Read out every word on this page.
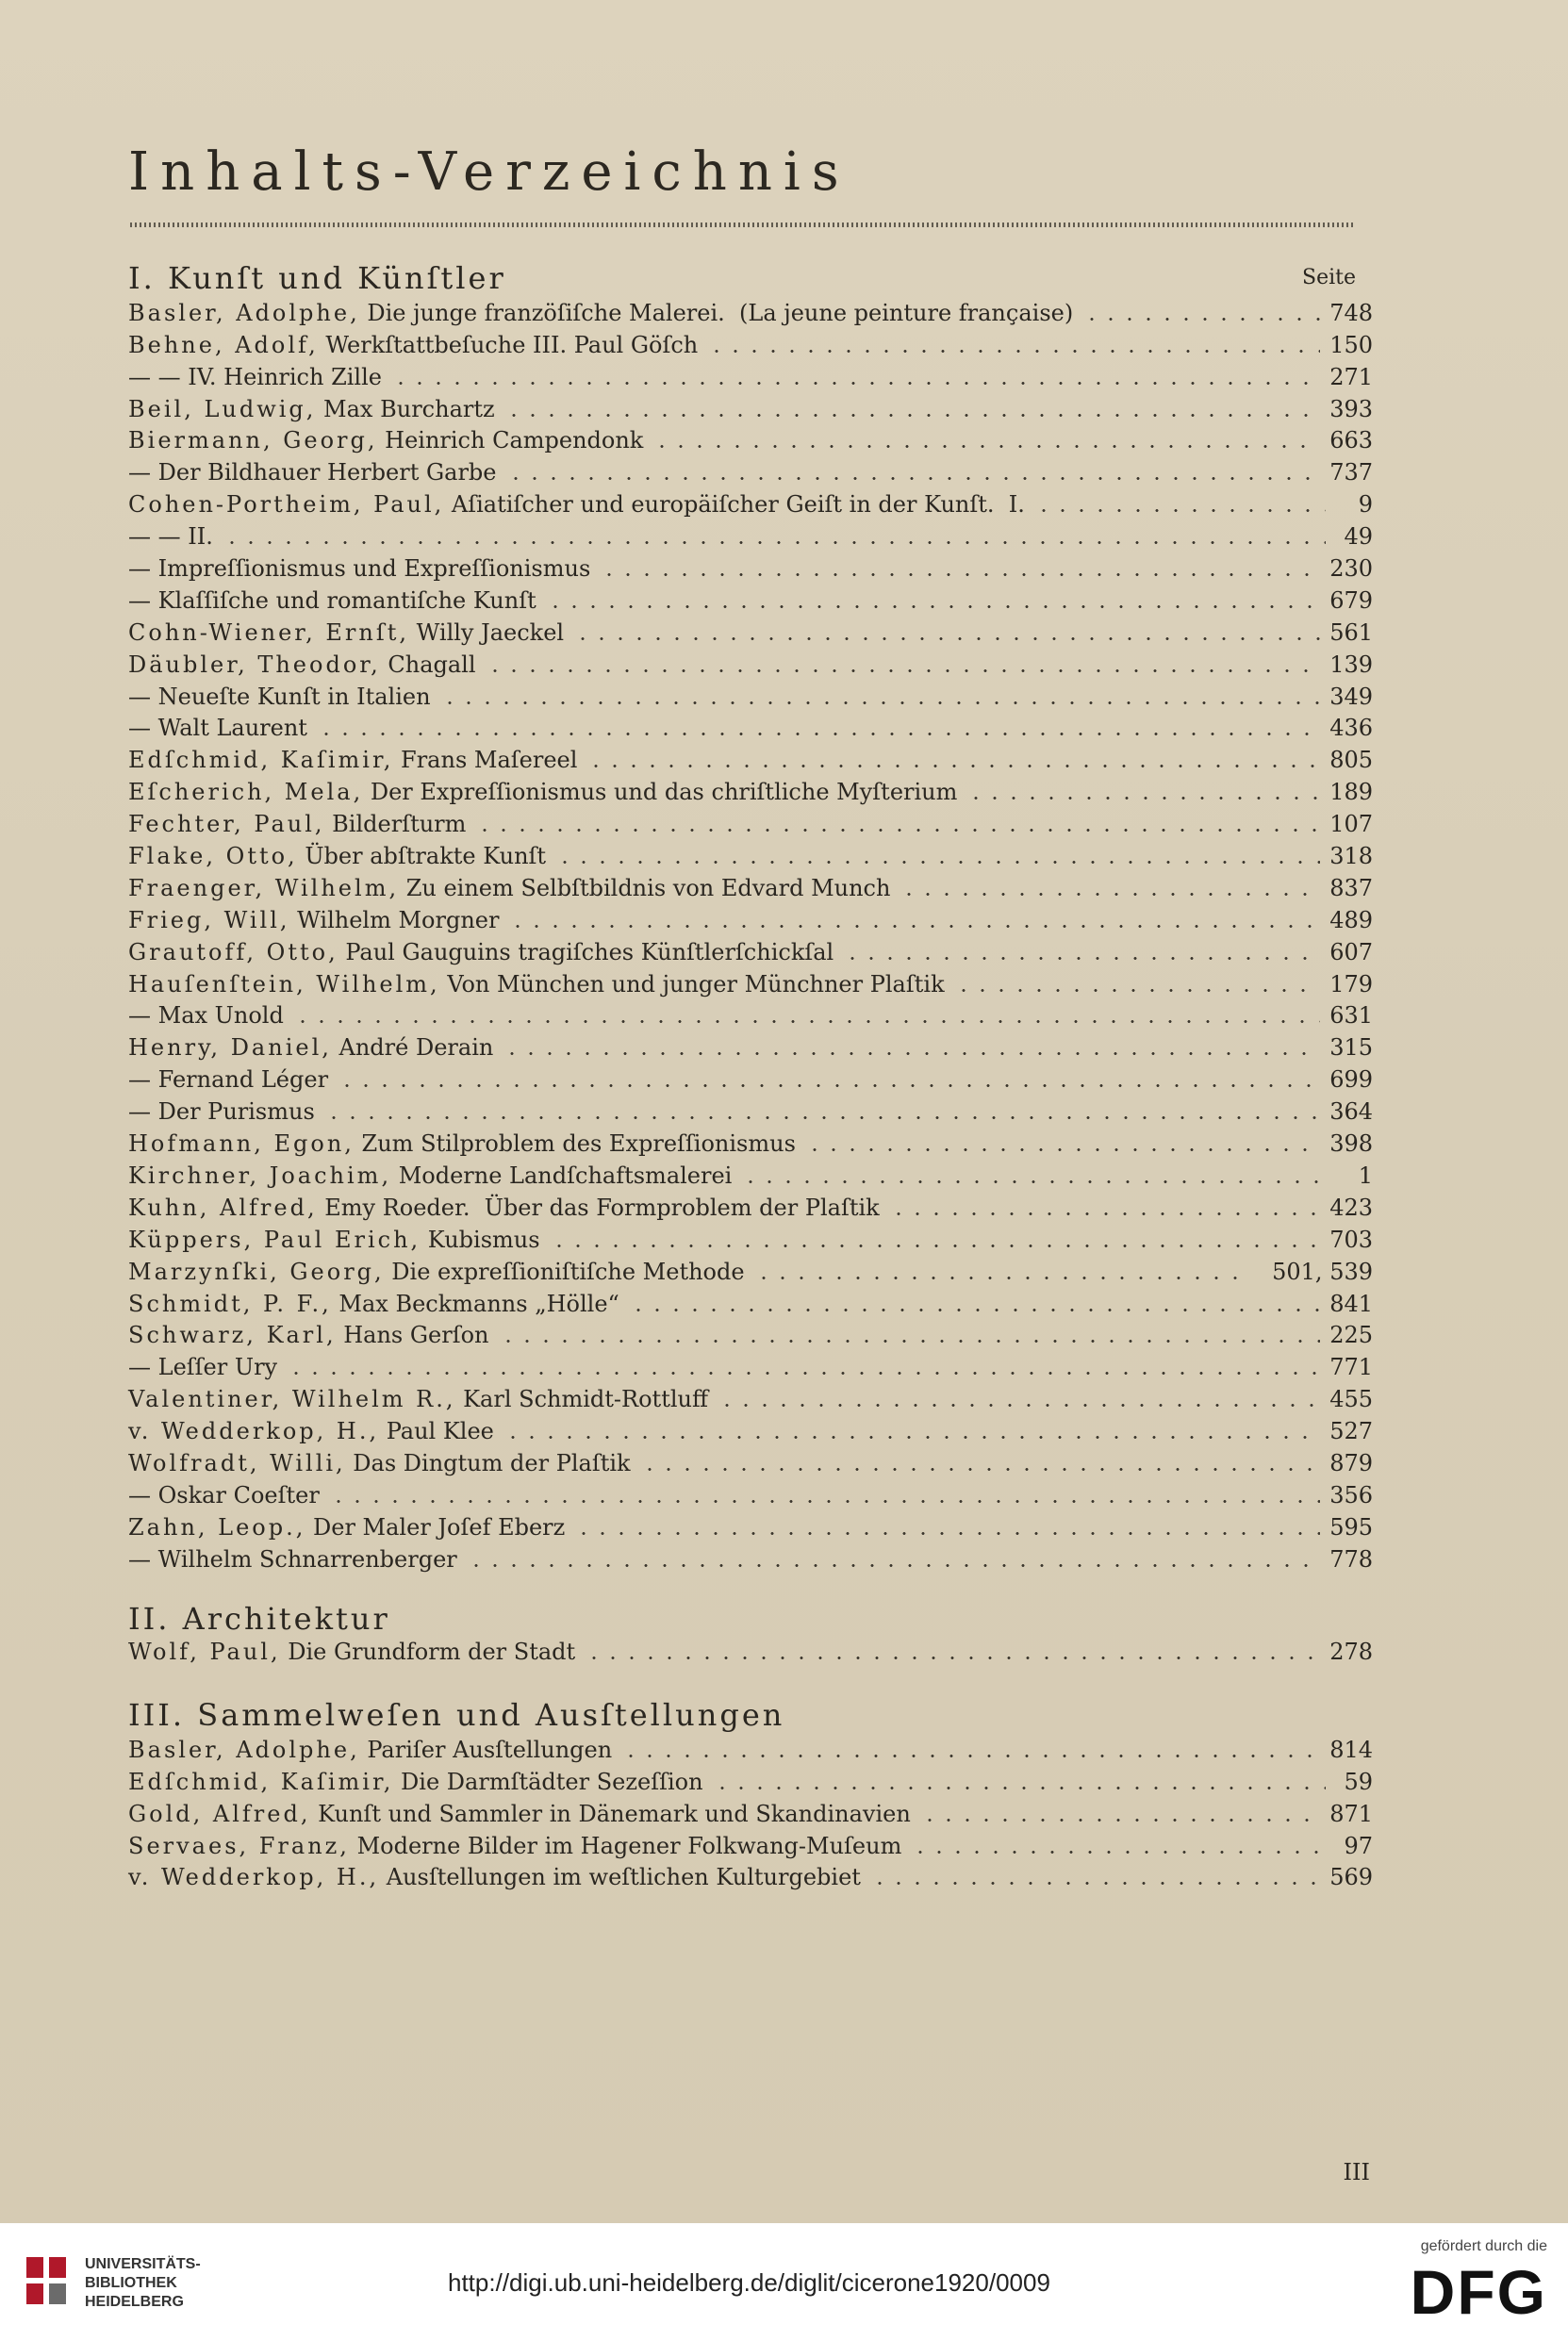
Inhalts-Verzeichnis
I. Kunſt und Künſtler	Seite
Basler, Adolphe, Die junge franzöſiſche Malerei.  (La jeune peinture française)	748
Behne, Adolf, Werkſtattbeſuche III. Paul Göſch	150
— — IV. Heinrich Zille	271
Beil, Ludwig, Max Burchartz	393
Biermann, Georg, Heinrich Campendonk	663
— Der Bildhauer Herbert Garbe	737
Cohen-Portheim, Paul, Aſiatiſcher und europäiſcher Geiſt in der Kunſt.  I.	9
— — II.	49
— Impreſſionismus und Expreſſionismus	230
— Klaſſiſche und romantiſche Kunſt	679
Cohn-Wiener, Ernſt, Willy Jaeckel	561
Däubler, Theodor, Chagall	139
— Neueſte Kunſt in Italien	349
— Walt Laurent	436
Edſchmid, Kaſimir, Frans Maſereel	805
Eſcherich, Mela, Der Expreſſionismus und das chriſtliche Myſterium	189
Fechter, Paul, Bilderſturm	107
Flake, Otto, Über abſtrakte Kunſt	318
Fraenger, Wilhelm, Zu einem Selbſtbildnis von Edvard Munch	837
Frieg, Will, Wilhelm Morgner	489
Grautoff, Otto, Paul Gauguins tragiſches Künſtlerſchickſal	607
Hauſenſtein, Wilhelm, Von München und junger Münchner Plaſtik	179
— Max Unold	631
Henry, Daniel, André Derain	315
— Fernand Léger	699
— Der Purismus	364
Hofmann, Egon, Zum Stilproblem des Expreſſionismus	398
Kirchner, Joachim, Moderne Landſchaftsmalerei	1
Kuhn, Alfred, Emy Roeder.  Über das Formproblem der Plaſtik	423
Küppers, Paul Erich, Kubismus	703
Marzynſki, Georg, Die expreſſioniſtiſche Methode	501, 539
Schmidt, P. F., Max Beckmanns „Hölle“	841
Schwarz, Karl, Hans Gerſon	225
— Leſſer Ury	771
Valentiner, Wilhelm R., Karl Schmidt-Rottluff	455
v. Wedderkop, H., Paul Klee	527
Wolfradt, Willi, Das Dingtum der Plaſtik	879
— Oskar Coeſter	356
Zahn, Leop., Der Maler Joſef Eberz	595
— Wilhelm Schnarrenberger	778
II. Architektur
Wolf, Paul, Die Grundform der Stadt	278
III. Sammelweſen und Ausſtellungen
Basler, Adolphe, Pariſer Ausſtellungen	814
Edſchmid, Kaſimir, Die Darmſtädter Sezeſſion	59
Gold, Alfred, Kunſt und Sammler in Dänemark und Skandinavien	871
Servaes, Franz, Moderne Bilder im Hagener Folkwang-Muſeum	97
v. Wedderkop, H., Ausſtellungen im weſtlichen Kulturgebiet	569
III
UNIVERSITÄTS-
BIBLIOTHEK
HEIDELBERG
http://digi.ub.uni-heidelberg.de/diglit/cicerone1920/0009
gefördert durch die
DFG
